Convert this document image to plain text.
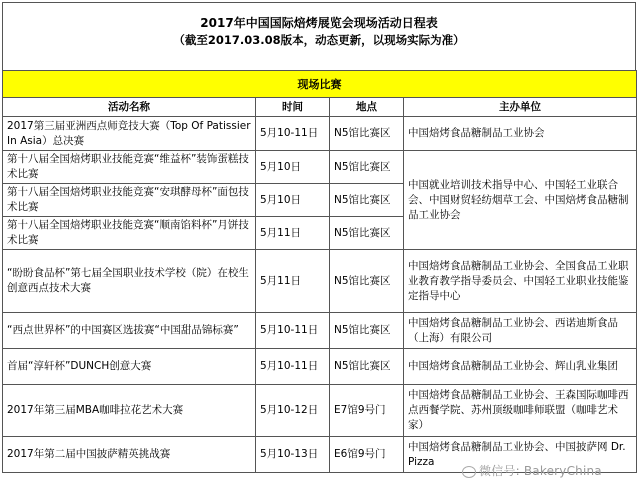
2017年中国国际焙烤展览会现场活动日程表
（截至2017.03.08版本，动态更新，以现场实际为准）
现场比赛			
活动名称	时间	地点	主办单位
2017第三届亚洲西点师竞技大赛（Top Of Patissier In Asia）总决赛	5月10-11日	N5馆比赛区	中国焙烤食品糖制品工业协会
第十八届全国焙烤职业技能竞赛“维益杯”装饰蛋糕技术比赛	5月10日	N5馆比赛区	中国就业培训技术指导中心、中国轻工业联合会、中国财贸轻纺烟草工会、中国焙烤食品糖制品工业协会
第十八届全国焙烤职业技能竞赛“安琪酵母杯”面包技术比赛	5月10日	N5馆比赛区	
第十八届全国焙烤职业技能竞赛“顺南馅料杯”月饼技术比赛	5月11日	N5馆比赛区	
“盼盼食品杯”第七届全国职业技术学校（院）在校生创意西点技术大赛	5月11日	N5馆比赛区	中国焙烤食品糖制品工业协会、全国食品工业职业教育教学指导委员会、中国轻工业职业技能鉴定指导中心
“西点世界杯”的中国赛区选拔赛“中国甜品锦标赛”	5月10-11日	N5馆比赛区	中国焙烤食品糖制品工业协会、西诺迪斯食品（上海）有限公司
首届“淳轩杯”DUNCH创意大赛	5月10-11日	N5馆比赛区	中国焙烤食品糖制品工业协会、辉山乳业集团
2017年第三届MBA咖啡拉花艺术大赛	5月10-12日	E7馆9号门	中国焙烤食品糖制品工业协会、王森国际咖啡西点西餐学院、苏州顶级咖啡师联盟（咖啡艺术家）
2017年第二届中国披萨精英挑战赛	5月10-13日	E6馆9号门	中国焙烤食品糖制品工业协会、中国披萨网 Dr. Pizza
微信号: BakeryChina
